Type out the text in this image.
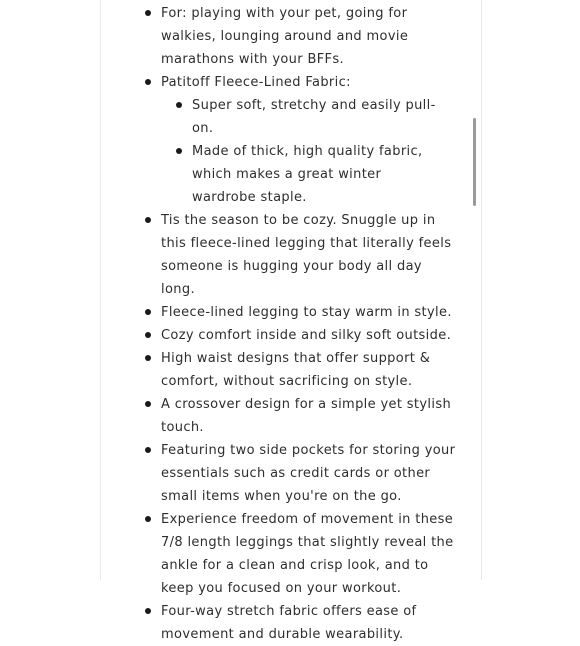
For: playing with your pet, going for walkies, lounging around and movie marathons with your BFFs.
Patitoff Fleece-Lined Fabric:
Super soft, stretchy and easily pull-on.
Made of thick, high quality fabric, which makes a great winter wardrobe staple.
Tis the season to be cozy. Snuggle up in this fleece-lined legging that literally feels someone is hugging your body all day long.
Fleece-lined legging to stay warm in style.
Cozy comfort inside and silky soft outside.
High waist designs that offer support & comfort, without sacrificing on style.
A crossover design for a simple yet stylish touch.
Featuring two side pockets for storing your essentials such as credit cards or other small items when you're on the go.
Experience freedom of movement in these 7/8 length leggings that slightly reveal the ankle for a clean and crisp look, and to keep you focused on your workout.
Four-way stretch fabric offers ease of movement and durable wearability.
